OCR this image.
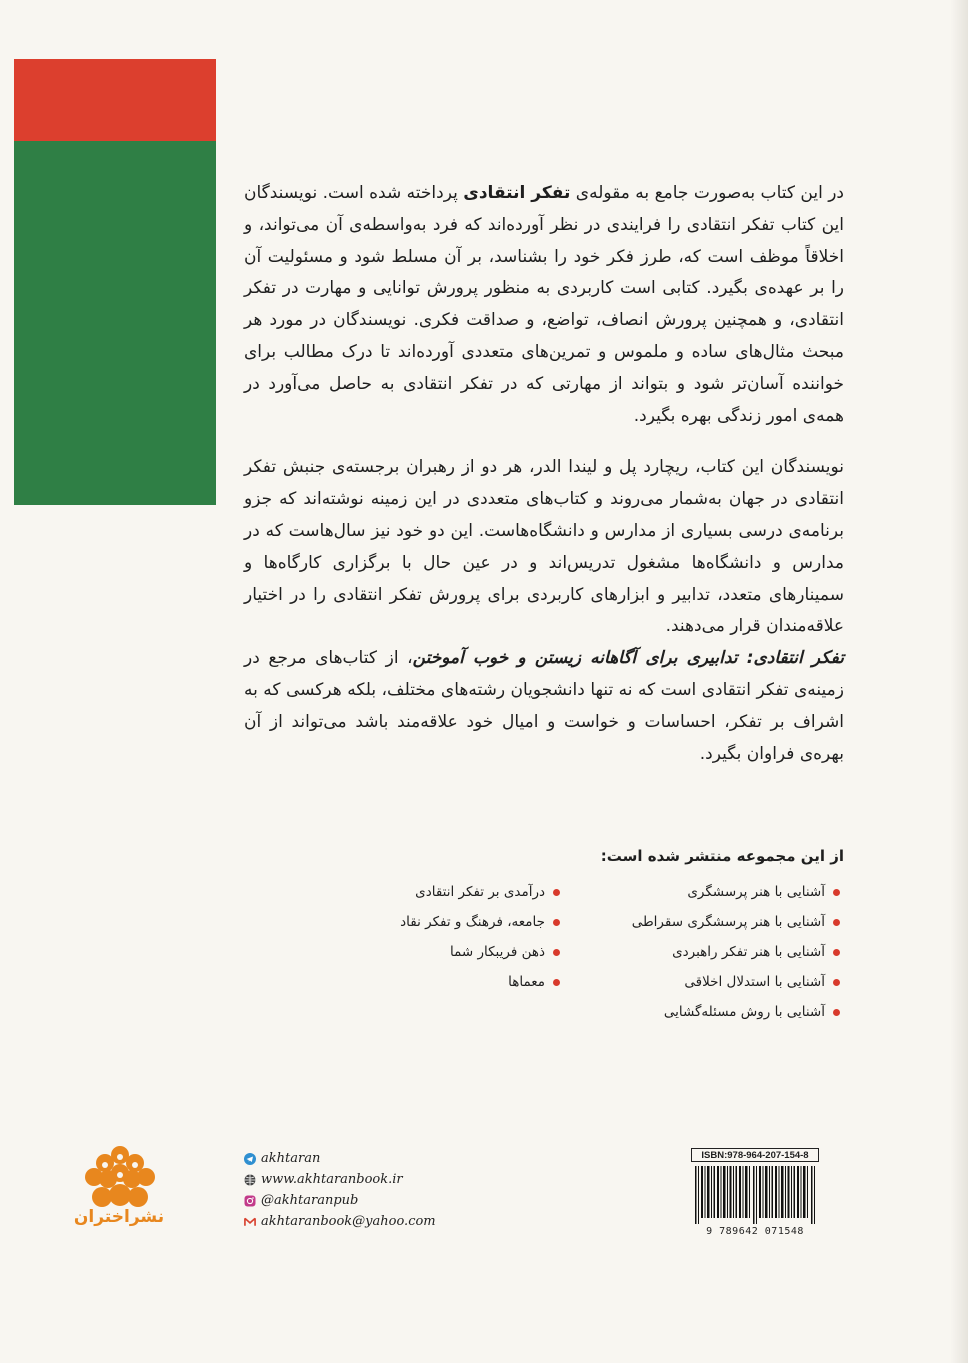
در این کتاب به‌صورت جامع به مقوله‌ی تفکر انتقادی پرداخته شده است. نویسندگان این کتاب تفکر انتقادی را فرایندی در نظر آورده‌اند که فرد به‌واسطه‌ی آن می‌تواند، و اخلاقاً موظف است که، طرز فکر خود را بشناسد، بر آن مسلط شود و مسئولیت آن را بر عهده‌ی بگیرد. کتابی است کاربردی به منظور پرورش توانایی و مهارت در تفکر انتقادی، و همچنین پرورش انصاف، تواضع، و صداقت فکری. نویسندگان در مورد هر مبحث مثال‌های ساده و ملموس و تمرین‌های متعددی آورده‌اند تا درک مطالب برای خواننده آسان‌تر شود و بتواند از مهارتی که در تفکر انتقادی به حاصل می‌آورد در همه‌ی امور زندگی بهره بگیرد.

نویسندگان این کتاب، ریچارد پل و لیندا الدر، هر دو از رهبران برجسته‌ی جنبش تفکر انتقادی در جهان به‌شمار می‌روند و کتاب‌های متعددی در این زمینه نوشته‌اند که جزو برنامه‌ی درسی بسیاری از مدارس و دانشگاه‌هاست. این دو خود نیز سال‌هاست که در مدارس و دانشگاه‌ها مشغول تدریس‌اند و در عین حال با برگزاری کارگاه‌ها و سمینارهای متعدد، تدابیر و ابزارهای کاربردی برای پرورش تفکر انتقادی را در اختیار علاقه‌مندان قرار می‌دهند.

تفکر انتقادی: تدابیری برای آگاهانه زیستن و خوب آموختن، از کتاب‌های مرجع در زمینه‌ی تفکر انتقادی است که نه تنها دانشجویان رشته‌های مختلف، بلکه هرکسی که به اشراف بر تفکر، احساسات و خواست و امیال خود علاقه‌مند باشد می‌تواند از آن بهره‌ی فراوان بگیرد.

از این مجموعه منتشر شده است:
آشنایی با هنر پرسشگری
آشنایی با هنر پرسشگری سقراطی
آشنایی با هنر تفکر راهبردی
آشنایی با استدلال اخلاقی
آشنایی با روش مسئله‌گشایی
درآمدی بر تفکر انتقادی
جامعه، فرهنگ و تفکر نقاد
ذهن فریبکار شما
معماها
نشراختران
akhtaran
www.akhtaranbook.ir
@akhtaranpub
akhtaranbook@yahoo.com
ISBN:978-964-207-154-8
9 789642 071548
